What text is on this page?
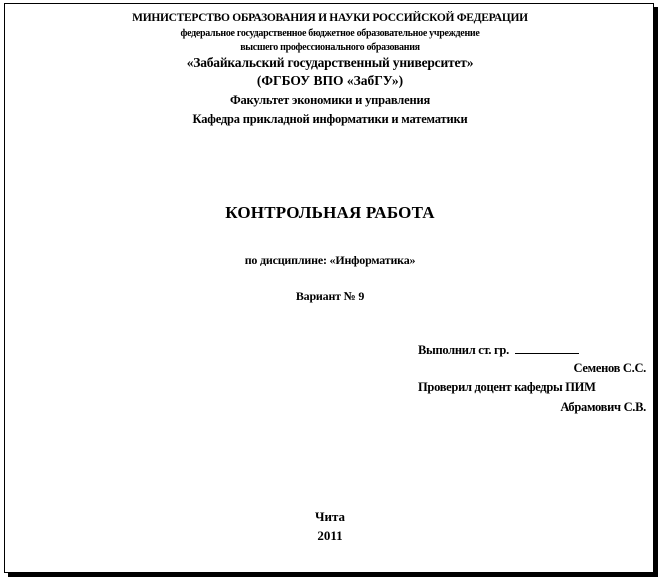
МИНИСТЕРСТВО ОБРАЗОВАНИЯ И НАУКИ РОССИЙСКОЙ ФЕДЕРАЦИИ
федеральное государственное бюджетное образовательное учреждение
высшего профессионального образования
«Забайкальский государственный университет»
(ФГБОУ ВПО «ЗабГУ»)
Факультет экономики и управления
Кафедра прикладной информатики и математики
КОНТРОЛЬНАЯ РАБОТА
по дисциплине: «Информатика»
Вариант № 9
Выполнил ст. гр.
Семенов С.С.
Проверил доцент кафедры ПИМ
Абрамович С.В.
Чита
2011
